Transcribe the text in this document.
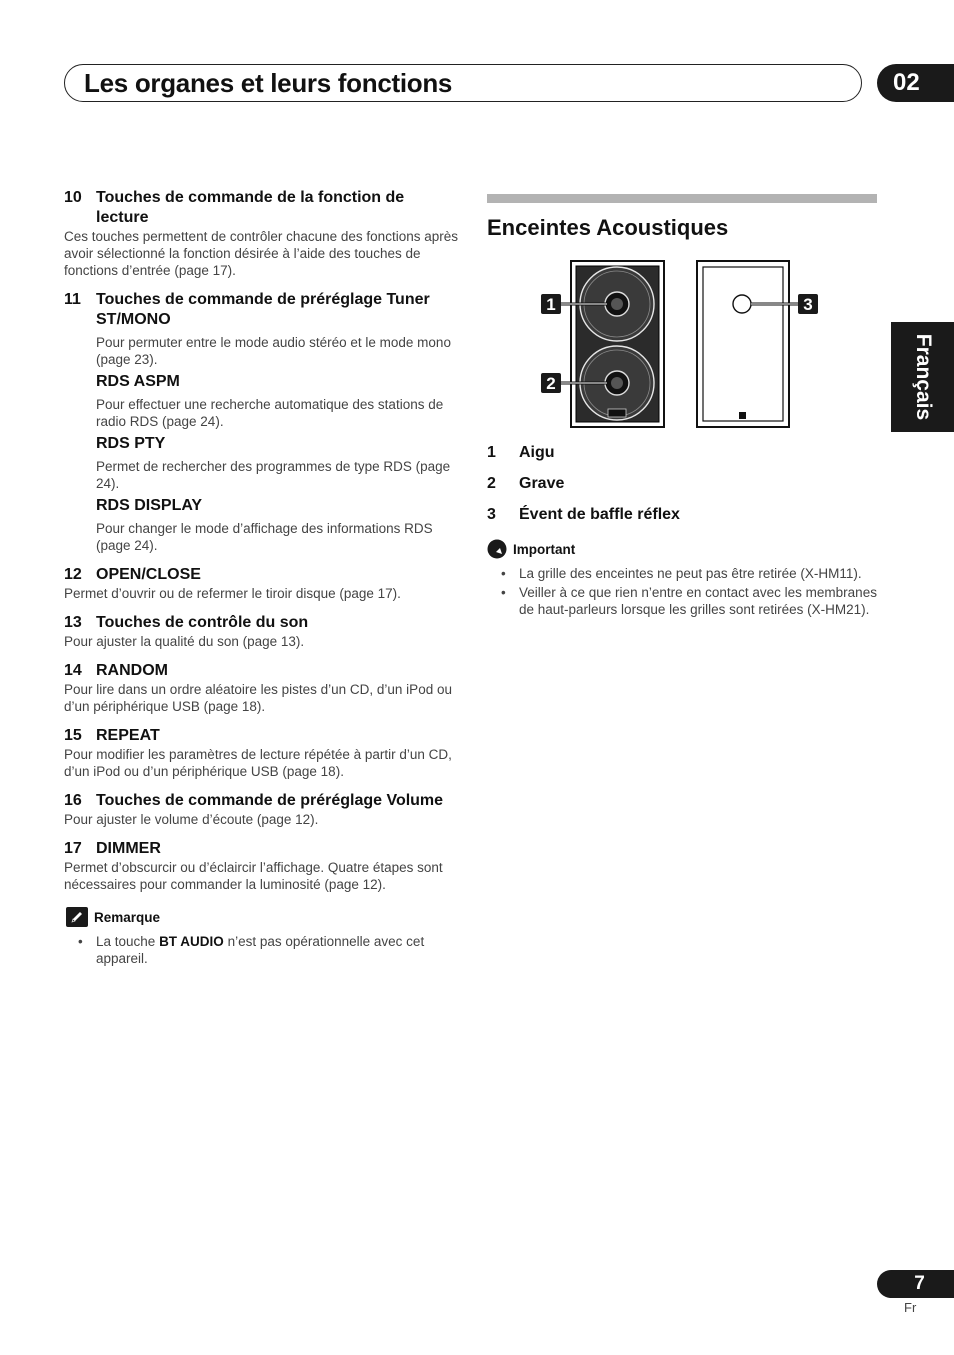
Les organes et leurs fonctions	02
Français
10 Touches de commande de la fonction de lecture
Ces touches permettent de contrôler chacune des fonctions après avoir sélectionné la fonction désirée à l’aide des touches de fonctions d’entrée (page 17).
11 Touches de commande de préréglage Tuner ST/MONO
Pour permuter entre le mode audio stéréo et le mode mono (page 23).
RDS ASPM
Pour effectuer une recherche automatique des stations de radio RDS (page 24).
RDS PTY
Permet de rechercher des programmes de type RDS (page 24).
RDS DISPLAY
Pour changer le mode d’affichage des informations RDS (page 24).
12 OPEN/CLOSE
Permet d’ouvrir ou de refermer le tiroir disque (page 17).
13 Touches de contrôle du son
Pour ajuster la qualité du son (page 13).
14 RANDOM
Pour lire dans un ordre aléatoire les pistes d’un CD, d’un iPod ou d’un périphérique USB (page 18).
15 REPEAT
Pour modifier les paramètres de lecture répétée à partir d’un CD, d’un iPod ou d’un périphérique USB (page 18).
16 Touches de commande de préréglage Volume
Pour ajuster le volume d’écoute (page 12).
17 DIMMER
Permet d’obscurcir ou d’éclaircir l’affichage. Quatre étapes sont nécessaires pour commander la luminosité (page 12).
Remarque
• La touche BT AUDIO n’est pas opérationnelle avec cet appareil.
Enceintes Acoustiques
1
2
3
1	Aigu
2	Grave
3	Évent de baffle réflex
Important
• La grille des enceintes ne peut pas être retirée (X-HM11).
• Veiller à ce que rien n’entre en contact avec les membranes de haut-parleurs lorsque les grilles sont retirées (X-HM21).
7
Fr
